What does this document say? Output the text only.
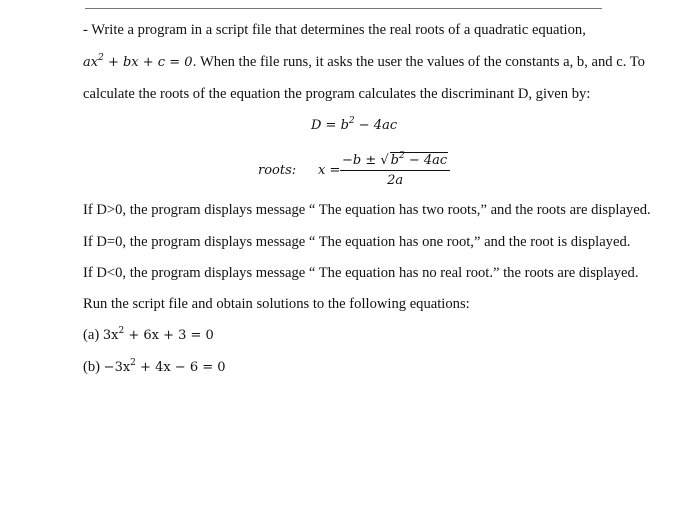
- Write a program in a script file that determines the real roots of a quadratic equation,
$ax^2$ + bx + c = 0. When the file runs, it asks the user the values of the constants a, b, and c. To
calculate the roots of the equation the program calculates the discriminant D, given by:
$D = b^2 - 4ac$
roots: $x = \frac{-b \pm √ b^2 - 4ac}{2a}$
If D>0, the program displays message “ The equation has two roots,” and the roots are displayed.
If D=0, the program displays message “ The equation has one root,” and the root is displayed.
If D<0, the program displays message “ The equation has no real root.” the roots are displayed.
Run the script file and obtain solutions to the following equations:
(a) $3x^2 + 6x + 3 = 0$
$(b) -3x^2 + 4x - 6 = 0$
